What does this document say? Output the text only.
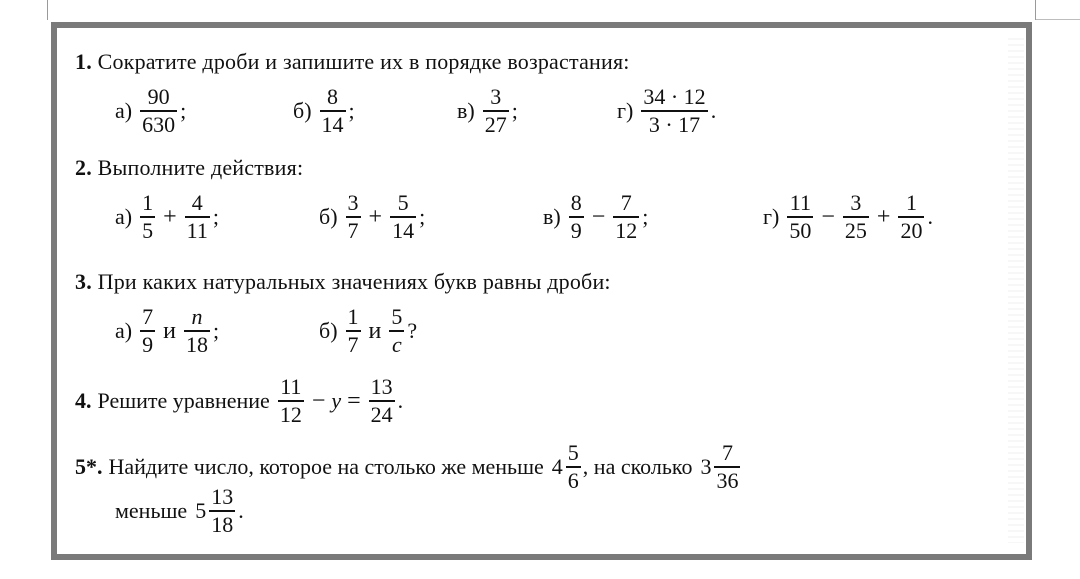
1. Сократите дроби и запишите их в порядке возрастания:
$а) \frac{90}{630}$ ;	$б) \frac{8}{14}$ ;	$в) \frac{3}{27}$ ;	$г) \frac{34 \cdot 12}{3 \cdot 17}$ .
2. Выполните действия:
$а) \frac{1}{5} + \frac{4}{11}$ ;	$б) \frac{3}{7} + \frac{5}{14}$ ;	$в) \frac{8}{9} - \frac{7}{12}$ ;	$г) \frac{11}{50} - \frac{3}{25} + \frac{1}{20}$ .
3. При каких натуральных значениях букв равны дроби:
$а) \frac{7}{9}$ и $\frac{n}{18}$ ;	$б) \frac{1}{7}$ и $\frac{5}{c}$ ?
4. Решите уравнение $\frac{11}{12} - y = \frac{13}{24}$ .
5*. Найдите число, которое на столько же меньше $4 \frac{5}{6}$ , на сколько $3 \frac{7}{36}$
меньше $5 \frac{13}{18}$ .
